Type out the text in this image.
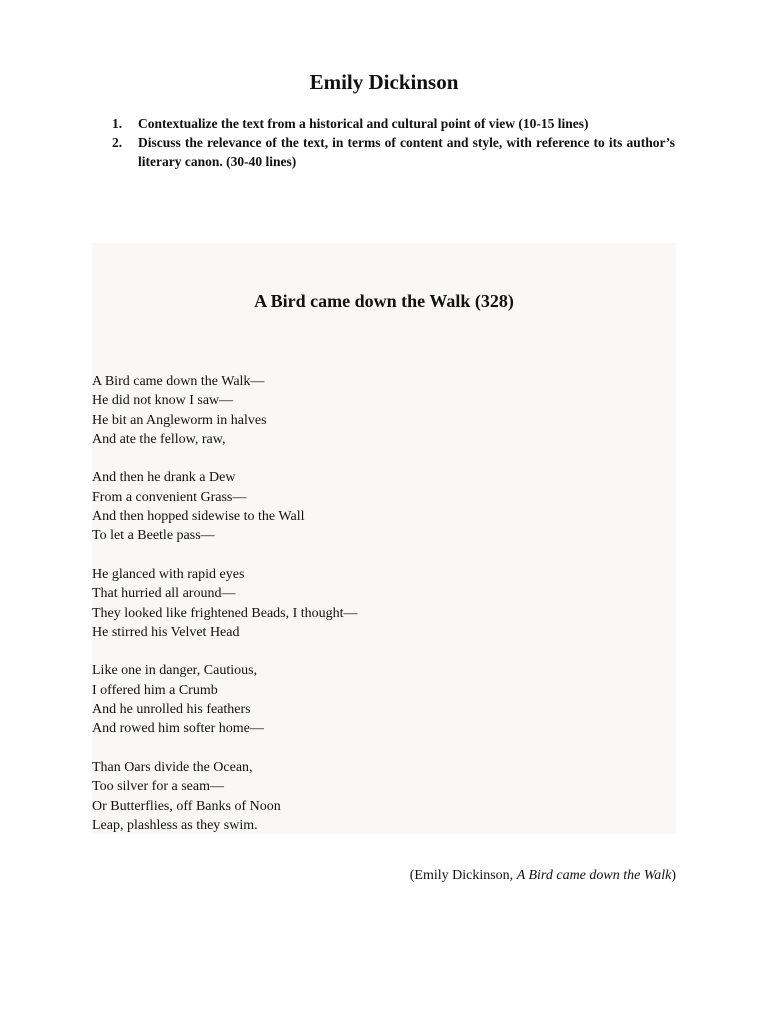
Emily Dickinson
1.	Contextualize the text from a historical and cultural point of view (10-15 lines)
2.	Discuss the relevance of the text, in terms of content and style, with reference to its author’s literary canon. (30-40 lines)
A Bird came down the Walk (328)
A Bird came down the Walk—
He did not know I saw—
He bit an Angleworm in halves
And ate the fellow, raw,
And then he drank a Dew
From a convenient Grass—
And then hopped sidewise to the Wall
To let a Beetle pass—
He glanced with rapid eyes
That hurried all around—
They looked like frightened Beads, I thought—
He stirred his Velvet Head
Like one in danger, Cautious,
I offered him a Crumb
And he unrolled his feathers
And rowed him softer home—
Than Oars divide the Ocean,
Too silver for a seam—
Or Butterflies, off Banks of Noon
Leap, plashless as they swim.
(Emily Dickinson, A Bird came down the Walk)
